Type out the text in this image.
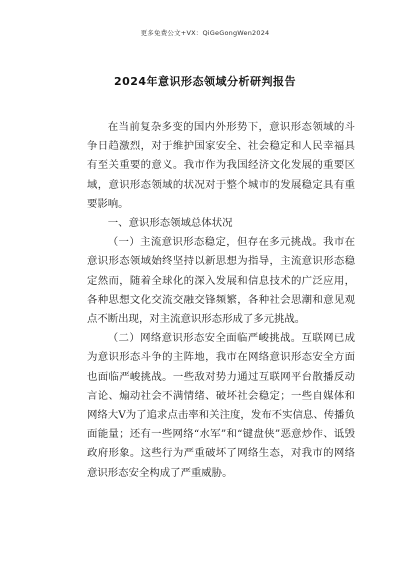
更多免费公文+VX：QiGeGongWen2024
2024年意识形态领域分析研判报告

在当前复杂多变的国内外形势下，意识形态领域的斗争日趋激烈，对于维护国家安全、社会稳定和人民幸福具有至关重要的意义。我市作为我国经济文化发展的重要区域，意识形态领域的状况对于整个城市的发展稳定具有重要影响。

一、意识形态领域总体状况

（一）主流意识形态稳定，但存在多元挑战。我市在意识形态领域始终坚持以新思想为指导，主流意识形态稳定然而，随着全球化的深入发展和信息技术的广泛应用，各种思想文化交流交融交锋频繁，各种社会思潮和意见观点不断出现，对主流意识形态形成了多元挑战。

（二）网络意识形态安全面临严峻挑战。互联网已成为意识形态斗争的主阵地，我市在网络意识形态安全方面也面临严峻挑战。一些敌对势力通过互联网平台散播反动言论、煽动社会不满情绪、破坏社会稳定；一些自媒体和网络大V为了追求点击率和关注度，发布不实信息、传播负面能量；还有一些网络“水军”和“键盘侠”恶意炒作、诋毁政府形象。这些行为严重破坏了网络生态，对我市的网络意识形态安全构成了严重威胁。
